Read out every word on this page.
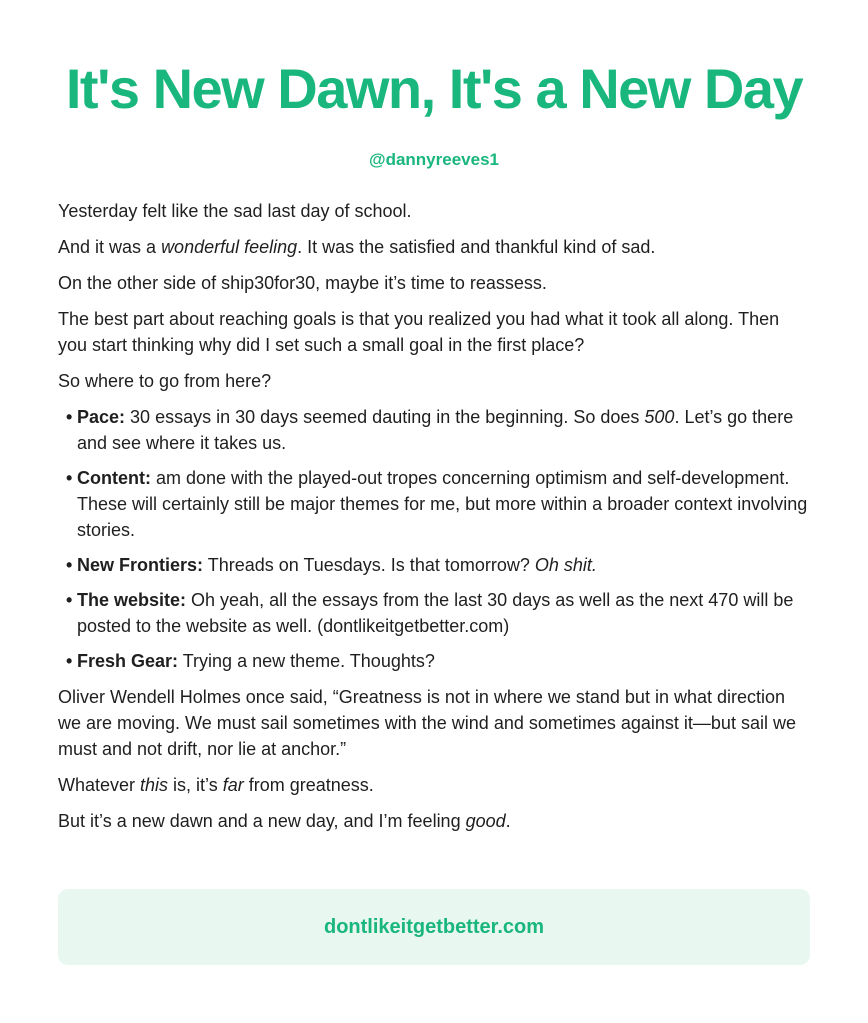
It's New Dawn, It's a New Day
@dannyreeves1

Yesterday felt like the sad last day of school.

And it was a wonderful feeling. It was the satisfied and thankful kind of sad.

On the other side of ship30for30, maybe it’s time to reassess.

The best part about reaching goals is that you realized you had what it took all along. Then you start thinking why did I set such a small goal in the first place?

So where to go from here?

• Pace: 30 essays in 30 days seemed dauting in the beginning. So does 500. Let’s go there and see where it takes us.
• Content: am done with the played-out tropes concerning optimism and self-development. These will certainly still be major themes for me, but more within a broader context involving stories.
• New Frontiers: Threads on Tuesdays. Is that tomorrow? Oh shit.
• The website: Oh yeah, all the essays from the last 30 days as well as the next 470 will be posted to the website as well. (dontlikeitgetbetter.com)
• Fresh Gear: Trying a new theme. Thoughts?

Oliver Wendell Holmes once said, “Greatness is not in where we stand but in what direction we are moving. We must sail sometimes with the wind and sometimes against it—but sail we must and not drift, nor lie at anchor.”

Whatever this is, it’s far from greatness.

But it’s a new dawn and a new day, and I’m feeling good.

dontlikeitgetbetter.com
